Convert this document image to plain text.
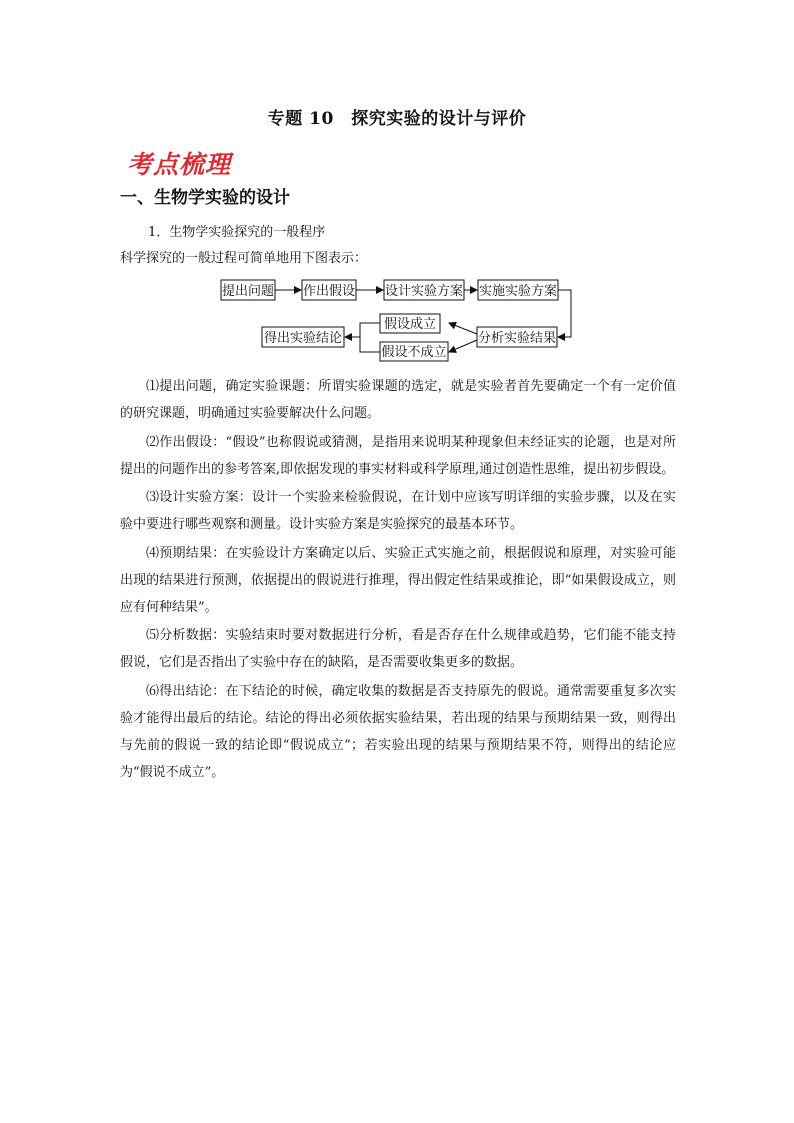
专题 10　探究实验的设计与评价
考点梳理
一、生物学实验的设计
1．生物学实验探究的一般程序
科学探究的一般过程可简单地用下图表示：
提出问题 作出假设 设计实验方案 实施实验方案
分析实验结果
假设成立
假设不成立
得出实验结论

⑴提出问题，确定实验课题：所谓实验课题的选定，就是实验者首先要确定一个有一定价值的研究课题，明确通过实验要解决什么问题。

⑵作出假设：“假设”也称假说或猜测，是指用来说明某种现象但未经证实的论题，也是对所提出的问题作出的参考答案,即依据发现的事实材料或科学原理,通过创造性思维，提出初步假设。

⑶设计实验方案：设计一个实验来检验假说，在计划中应该写明详细的实验步骤，以及在实验中要进行哪些观察和测量。设计实验方案是实验探究的最基本环节。

⑷预期结果：在实验设计方案确定以后、实验正式实施之前，根据假说和原理，对实验可能出现的结果进行预测，依据提出的假说进行推理，得出假定性结果或推论，即“如果假设成立，则应有何种结果”。

⑸分析数据：实验结束时要对数据进行分析，看是否存在什么规律或趋势，它们能不能支持假说，它们是否指出了实验中存在的缺陷，是否需要收集更多的数据。

⑹得出结论：在下结论的时候，确定收集的数据是否支持原先的假说。通常需要重复多次实验才能得出最后的结论。结论的得出必须依据实验结果，若出现的结果与预期结果一致，则得出与先前的假说一致的结论即“假说成立”；若实验出现的结果与预期结果不符，则得出的结论应为“假说不成立”。
